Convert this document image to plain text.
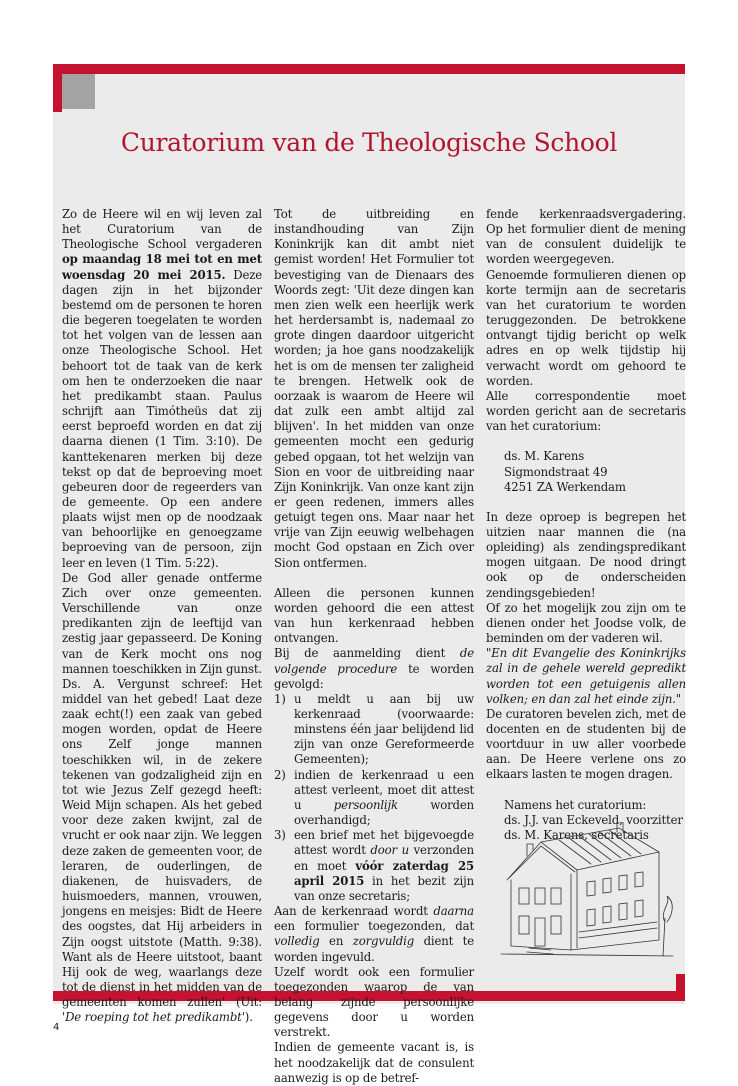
Curatorium van de Theologische School

Zo de Heere wil en wij leven zal het Curatorium van de Theologische School vergaderen op maandag 18 mei tot en met woensdag 20 mei 2015. Deze dagen zijn in het bijzonder bestemd om de personen te horen die begeren toegelaten te worden tot het volgen van de lessen aan onze Theologische School. Het behoort tot de taak van de kerk om hen te onderzoeken die naar het predikambt staan. Paulus schrijft aan Timótheüs dat zij eerst beproefd worden en dat zij daarna dienen (1 Tim. 3:10). De kanttekenaren merken bij deze tekst op dat de beproeving moet gebeuren door de regeerders van de gemeente. Op een andere plaats wijst men op de noodzaak van behoorlijke en genoegzame beproeving van de persoon, zijn leer en leven (1 Tim. 5:22).

De God aller genade ontferme Zich over onze gemeenten. Verschillende van onze predikanten zijn de leeftijd van zestig jaar gepasseerd. De Koning van de Kerk mocht ons nog mannen toeschikken in Zijn gunst. Ds. A. Vergunst schreef: Het middel van het gebed! Laat deze zaak echt(!) een zaak van gebed mogen worden, opdat de Heere ons Zelf jonge mannen toeschikken wil, in de zekere tekenen van godzaligheid zijn en tot wie Jezus Zelf gezegd heeft: Weid Mijn schapen. Als het gebed voor deze zaken kwijnt, zal de vrucht er ook naar zijn. We leggen deze zaken de gemeenten voor, de leraren, de ouderlingen, de diakenen, de huisvaders, de huismoeders, mannen, vrouwen, jongens en meisjes: Bidt de Heere des oogstes, dat Hij arbeiders in Zijn oogst uitstote (Matth. 9:38). Want als de Heere uitstoot, baant Hij ook de weg, waarlangs deze tot de dienst in het midden van de gemeenten komen zullen' (Uit: 'De roeping tot het predikambt').

Tot de uitbreiding en instandhouding van Zijn Koninkrijk kan dit ambt niet gemist worden! Het Formulier tot bevestiging van de Dienaars des Woords zegt: 'Uit deze dingen kan men zien welk een heerlijk werk het herdersambt is, nademaal zo grote dingen daardoor uitgericht worden; ja hoe gans noodzakelijk het is om de mensen ter zaligheid te brengen. Hetwelk ook de oorzaak is waarom de Heere wil dat zulk een ambt altijd zal blijven'. In het midden van onze gemeenten mocht een gedurig gebed opgaan, tot het welzijn van Sion en voor de uitbreiding naar Zijn Koninkrijk. Van onze kant zijn er geen redenen, immers alles getuigt tegen ons. Maar naar het vrije van Zijn eeuwig welbehagen mocht God opstaan en Zich over Sion ontfermen.

Alleen die personen kunnen worden gehoord die een attest van hun kerkenraad hebben ontvangen.

Bij de aanmelding dient de volgende procedure te worden gevolgd:

1) u meldt u aan bij uw kerkenraad (voorwaarde: minstens één jaar belijdend lid zijn van onze Gereformeerde Gemeenten);
2) indien de kerkenraad u een attest verleent, moet dit attest u persoonlijk worden overhandigd;
3) een brief met het bijgevoegde attest wordt door u verzonden en moet vóór zaterdag 25 april 2015 in het bezit zijn van onze secretaris;

Aan de kerkenraad wordt daarna een formulier toegezonden, dat volledig en zorgvuldig dient te worden ingevuld.

Uzelf wordt ook een formulier toegezonden waarop de van belang zijnde persoonlijke gegevens door u worden verstrekt.

Indien de gemeente vacant is, is het noodzakelijk dat de consulent aanwezig is op de betref-

fende kerkenraadsvergadering. Op het formulier dient de mening van de consulent duidelijk te worden weergegeven.

Genoemde formulieren dienen op korte termijn aan de secretaris van het curatorium te worden teruggezonden. De betrokkene ontvangt tijdig bericht op welk adres en op welk tijdstip hij verwacht wordt om gehoord te worden.

Alle correspondentie moet worden gericht aan de secretaris van het curatorium:

ds. M. Karens
Sigmondstraat 49
4251 ZA Werkendam

In deze oproep is begrepen het uitzien naar mannen die (na opleiding) als zendingspredikant mogen uitgaan. De nood dringt ook op de onderscheiden zendingsgebieden!

Of zo het mogelijk zou zijn om te dienen onder het Joodse volk, de beminden om der vaderen wil.

"En dit Evangelie des Koninkrijks zal in de gehele wereld gepredikt worden tot een getuigenis allen volken; en dan zal het einde zijn."

De curatoren bevelen zich, met de docenten en de studenten bij de voortduur in uw aller voorbede aan. De Heere verlene ons zo elkaars lasten te mogen dragen.

Namens het curatorium:
ds. J.J. van Eckeveld, voorzitter
ds. M. Karens, secretaris
4
